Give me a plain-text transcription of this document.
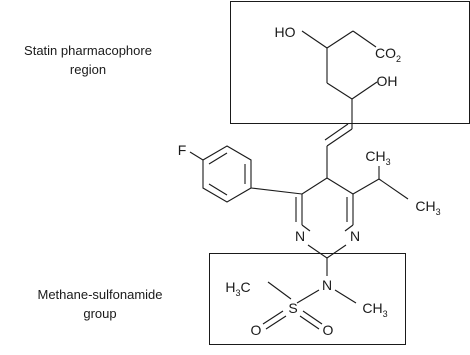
Statin pharmacophore
region
Methane-sulfonamide
group
HO
OH
$CO_2$
F	$CH_3$
$CH_3$
N	N
$H_3C$	N
$CH_3$
S
O	O
